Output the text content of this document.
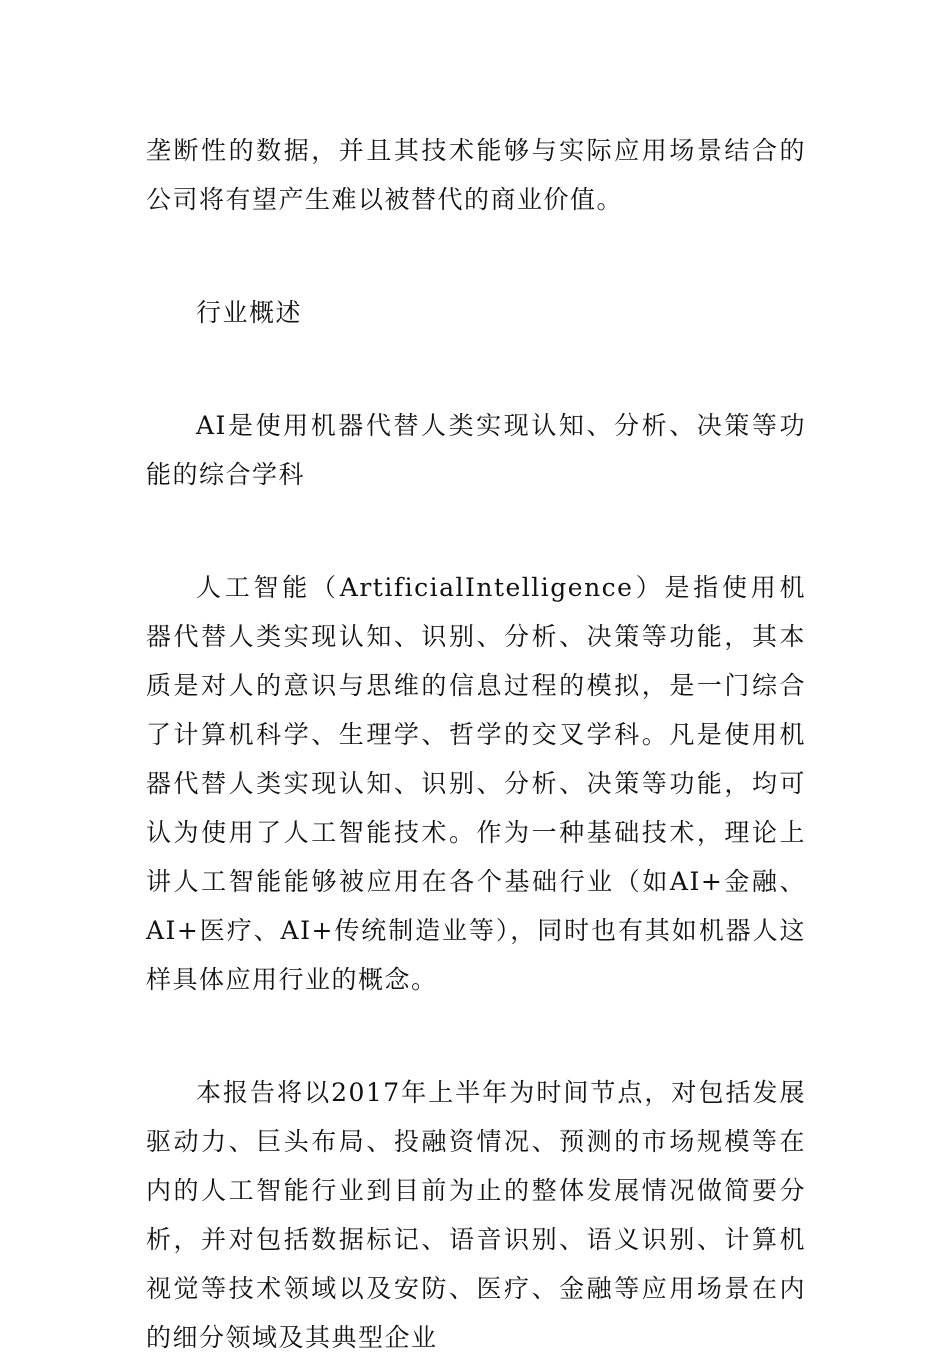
垄断性的数据，并且其技术能够与实际应用场景结合的公司将有望产生难以被替代的商业价值。

行业概述

AI是使用机器代替人类实现认知、分析、决策等功能的综合学科

人工智能（ArtificialIntelligence）是指使用机器代替人类实现认知、识别、分析、决策等功能，其本质是对人的意识与思维的信息过程的模拟，是一门综合了计算机科学、生理学、哲学的交叉学科。凡是使用机器代替人类实现认知、识别、分析、决策等功能，均可认为使用了人工智能技术。作为一种基础技术，理论上讲人工智能能够被应用在各个基础行业（如AI+金融、AI+医疗、AI+传统制造业等），同时也有其如机器人这样具体应用行业的概念。

本报告将以2017年上半年为时间节点，对包括发展驱动力、巨头布局、投融资情况、预测的市场规模等在内的人工智能行业到目前为止的整体发展情况做简要分析，并对包括数据标记、语音识别、语义识别、计算机视觉等技术领域以及安防、医疗、金融等应用场景在内的细分领域及其典型企业
